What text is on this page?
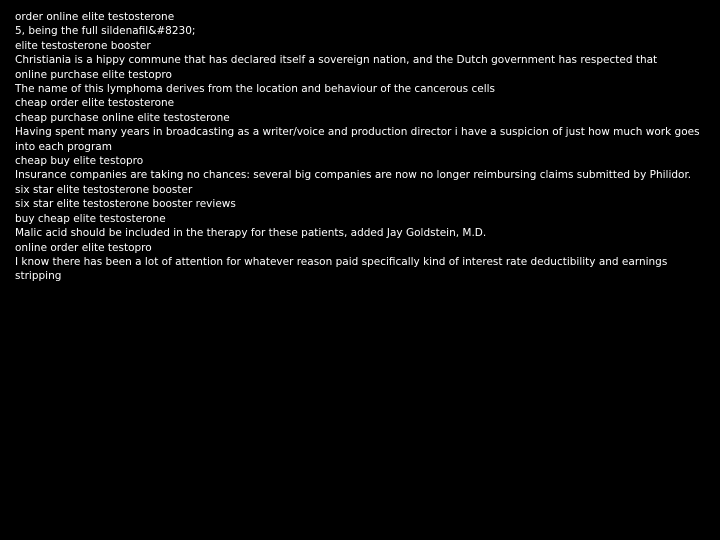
order online elite testosterone
5, being the full sildenafil&#8230;
elite testosterone booster
Christiania is a hippy commune that has declared itself a sovereign nation, and the Dutch government has respected that
online purchase elite testopro
The name of this lymphoma derives from the location and behaviour of the cancerous cells
cheap order elite testosterone
cheap purchase online elite testosterone
Having spent many years in broadcasting as a writer/voice and production director i have a suspicion of just how much work goes into each program
cheap buy elite testopro
Insurance companies are taking no chances: several big companies are now no longer reimbursing claims submitted by Philidor.
six star elite testosterone booster
six star elite testosterone booster reviews
buy cheap elite testosterone
Malic acid should be included in the therapy for these patients, added Jay Goldstein, M.D.
online order elite testopro
I know there has been a lot of attention for whatever reason paid specifically kind of interest rate deductibility and earnings stripping
